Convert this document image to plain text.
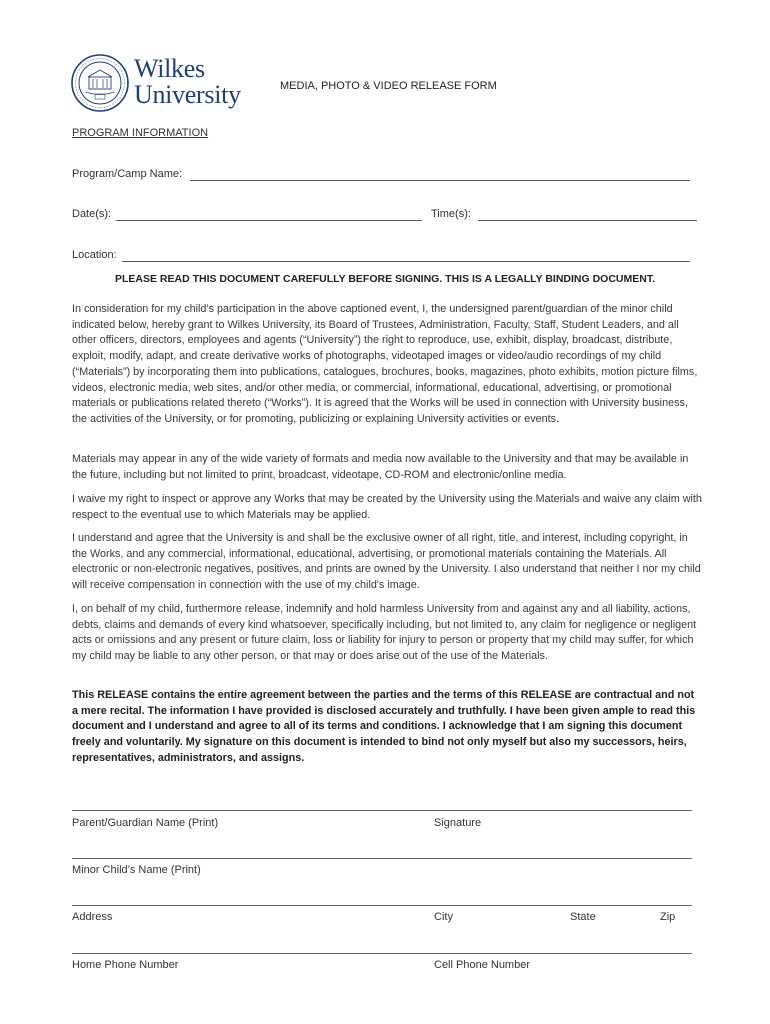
Wilkes
University	MEDIA, PHOTO & VIDEO RELEASE FORM
PROGRAM INFORMATION
Program/Camp Name:
Date(s):	Time(s):
Location:
PLEASE READ THIS DOCUMENT CAREFULLY BEFORE SIGNING. THIS IS A LEGALLY BINDING DOCUMENT.
In consideration for my child’s participation in the above captioned event, I, the undersigned parent/guardian of the minor child indicated below, hereby grant to Wilkes University, its Board of Trustees, Administration, Faculty, Staff, Student Leaders, and all other officers, directors, employees and agents (“University”) the right to reproduce, use, exhibit, display, broadcast, distribute, exploit, modify, adapt, and create derivative works of photographs, videotaped images or video/audio recordings of my child (“Materials”) by incorporating them into publications, catalogues, brochures, books, magazines, photo exhibits, motion picture films, videos, electronic media, web sites, and/or other media, or commercial, informational, educational, advertising, or promotional materials or publications related thereto (“Works”). It is agreed that the Works will be used in connection with University business, the activities of the University, or for promoting, publicizing or explaining University activities or events.
Materials may appear in any of the wide variety of formats and media now available to the University and that may be available in the future, including but not limited to print, broadcast, videotape, CD-ROM and electronic/online media.
I waive my right to inspect or approve any Works that may be created by the University using the Materials and waive any claim with respect to the eventual use to which Materials may be applied.
I understand and agree that the University is and shall be the exclusive owner of all right, title, and interest, including copyright, in the Works, and any commercial, informational, educational, advertising, or promotional materials containing the Materials. All electronic or non-electronic negatives, positives, and prints are owned by the University. I also understand that neither I nor my child will receive compensation in connection with the use of my child's image.
I, on behalf of my child, furthermore release, indemnify and hold harmless University from and against any and all liability, actions, debts, claims and demands of every kind whatsoever, specifically including, but not limited to, any claim for negligence or negligent acts or omissions and any present or future claim, loss or liability for injury to person or property that my child may suffer, for which my child may be liable to any other person, or that may or does arise out of the use of the Materials.
This RELEASE contains the entire agreement between the parties and the terms of this RELEASE are contractual and not a mere recital. The information I have provided is disclosed accurately and truthfully. I have been given ample to read this document and I understand and agree to all of its terms and conditions. I acknowledge that I am signing this document freely and voluntarily. My signature on this document is intended to bind not only myself but also my successors, heirs, representatives, administrators, and assigns.
Parent/Guardian Name (Print)	Signature
Minor Child’s Name (Print)
Address	City	State	Zip
Home Phone Number	Cell Phone Number
